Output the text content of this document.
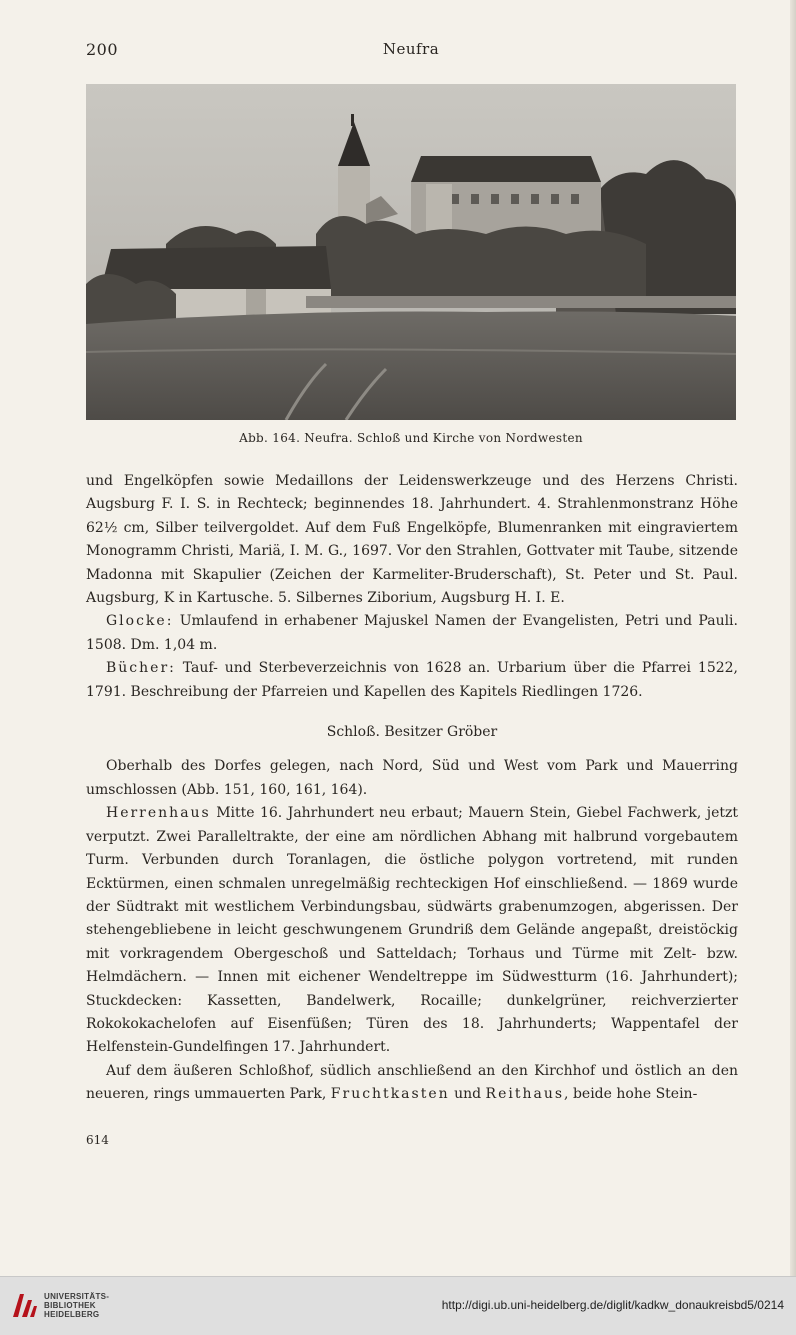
200	Neufra
Abb. 164. Neufra. Schloß und Kirche von Nordwesten

und Engelköpfen sowie Medaillons der Leidenswerkzeuge und des Herzens Christi. Augsburg F. I. S. in Rechteck; beginnendes 18. Jahrhundert. 4. Strahlenmonstranz Höhe 62½ cm, Silber teilvergoldet. Auf dem Fuß Engelköpfe, Blumenranken mit eingraviertem Monogramm Christi, Mariä, I. M. G., 1697. Vor den Strahlen, Gottvater mit Taube, sitzende Madonna mit Skapulier (Zeichen der Karmeliter-Bruderschaft), St. Peter und St. Paul. Augsburg, K in Kartusche. 5. Silbernes Ziborium, Augsburg H. I. E.

Glocke: Umlaufend in erhabener Majuskel Namen der Evangelisten, Petri und Pauli. 1508. Dm. 1,04 m.

Bücher: Tauf- und Sterbeverzeichnis von 1628 an. Urbarium über die Pfarrei 1522, 1791. Beschreibung der Pfarreien und Kapellen des Kapitels Riedlingen 1726.

Schloß. Besitzer Gröber

Oberhalb des Dorfes gelegen, nach Nord, Süd und West vom Park und Mauerring umschlossen (Abb. 151, 160, 161, 164).

Herrenhaus Mitte 16. Jahrhundert neu erbaut; Mauern Stein, Giebel Fachwerk, jetzt verputzt. Zwei Paralleltrakte, der eine am nördlichen Abhang mit halbrund vorgebautem Turm. Verbunden durch Toranlagen, die östliche polygon vortretend, mit runden Ecktürmen, einen schmalen unregelmäßig rechteckigen Hof einschließend. — 1869 wurde der Südtrakt mit westlichem Verbindungsbau, südwärts grabenumzogen, abgerissen. Der stehengebliebene in leicht geschwungenem Grundriß dem Gelände angepaßt, dreistöckig mit vorkragendem Obergeschoß und Satteldach; Torhaus und Türme mit Zelt- bzw. Helmdächern. — Innen mit eichener Wendeltreppe im Südwestturm (16. Jahrhundert); Stuckdecken: Kassetten, Bandelwerk, Rocaille; dunkelgrüner, reichverzierter Rokokokachelofen auf Eisenfüßen; Türen des 18. Jahrhunderts; Wappentafel der Helfenstein-Gundelfingen 17. Jahrhundert.

Auf dem äußeren Schloßhof, südlich anschließend an den Kirchhof und östlich an den neueren, rings ummauerten Park, Fruchtkasten und Reithaus, beide hohe Stein-

614
UNIVERSITÄTS-
BIBLIOTHEK
HEIDELBERG
http://digi.ub.uni-heidelberg.de/diglit/kadkw_donaukreisbd5/0214
